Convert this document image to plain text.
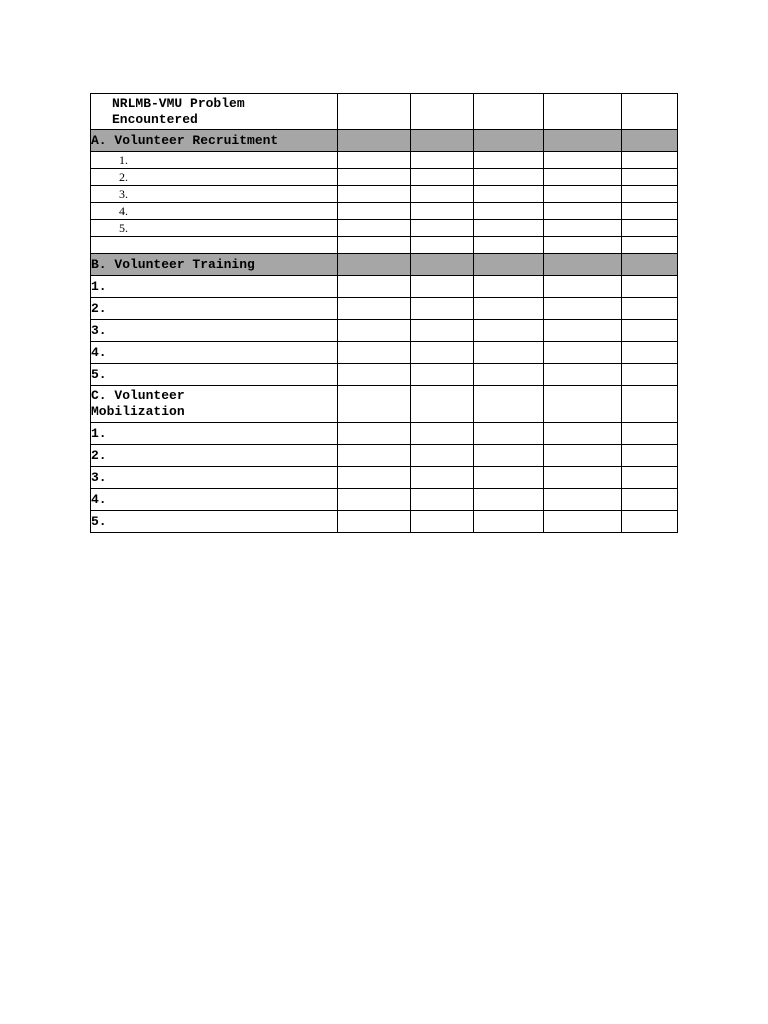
NRLMB-VMU Problem Encountered					
A. Volunteer Recruitment					
1.					
2.					
3.					
4.					
5.					

B. Volunteer Training					
1.					
2.					
3.					
4.					
5.					
C. Volunteer Mobilization					
1.					
2.					
3.					
4.					
5.					
